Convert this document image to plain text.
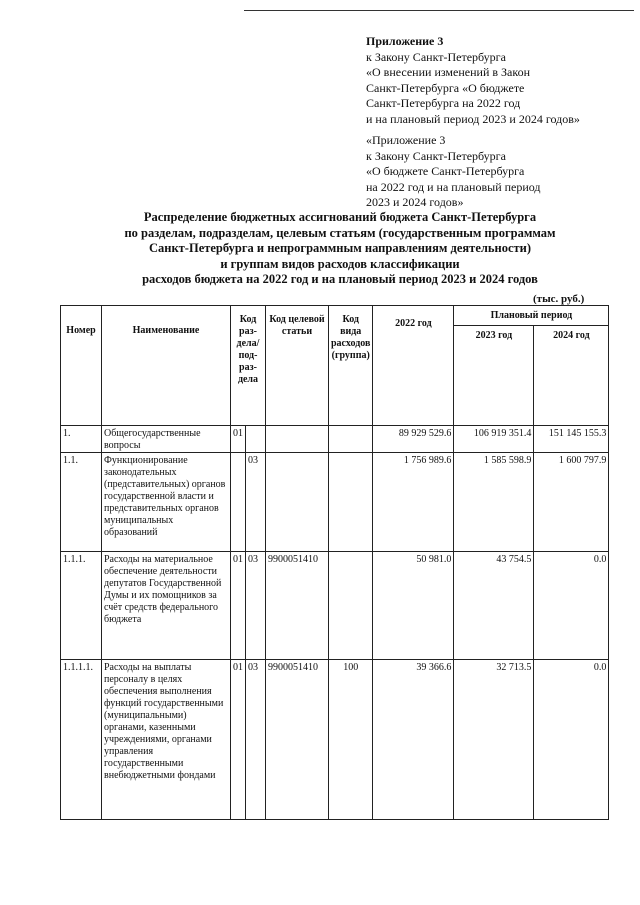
Приложение 3
к Закону Санкт-Петербурга
«О внесении изменений в Закон
Санкт-Петербурга «О бюджете
Санкт-Петербурга на 2022 год
и на плановый период 2023 и 2024 годов»
«Приложение 3
к Закону Санкт-Петербурга
«О бюджете Санкт-Петербурга
на 2022 год и на плановый период
2023 и 2024 годов»
Распределение бюджетных ассигнований бюджета Санкт-Петербурга
по разделам, подразделам, целевым статьям (государственным программам
Санкт-Петербурга и непрограммным направлениям деятельности)
и группам видов расходов классификации
расходов бюджета на 2022 год и на плановый период 2023 и 2024 годов
(тыс. руб.)
Номер	Наименование	Код раз-дела/ под-раз-дела		Код целевой статьи	Код вида расходов (группа)	2022 год	Плановый период	
							2023 год	2024 год
1.	Общегосударственные вопросы	01				89 929 529.6	106 919 351.4	151 145 155.3
1.1.	Функционирование законодательных (представительных) органов государственной власти и представительных органов муниципальных образований		03			1 756 989.6	1 585 598.9	1 600 797.9
1.1.1.	Расходы на материальное обеспечение деятельности депутатов Государственной Думы и их помощников за счёт средств федерального бюджета	01	03	9900051410		50 981.0	43 754.5	0.0
1.1.1.1.	Расходы на выплаты персоналу в целях обеспечения выполнения функций государственными (муниципальными) органами, казенными учреждениями, органами управления государственными внебюджетными фондами	01	03	9900051410	100	39 366.6	32 713.5	0.0
